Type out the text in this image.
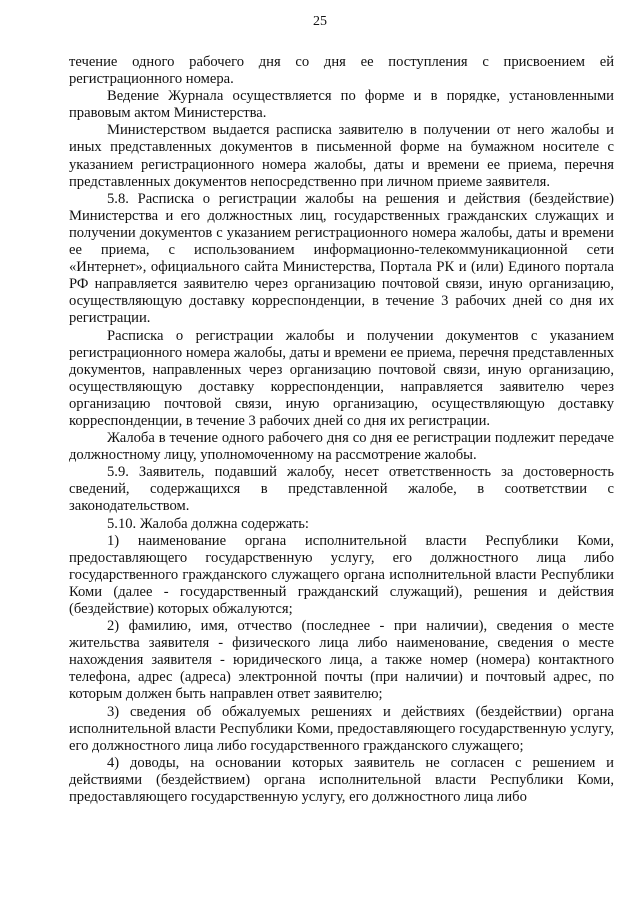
25

течение одного рабочего дня со дня ее поступления с присвоением ей регистрационного номера.

Ведение Журнала осуществляется по форме и в порядке, установленными правовым актом Министерства.

Министерством выдается расписка заявителю в получении от него жалобы и иных представленных документов в письменной форме на бумажном носителе с указанием регистрационного номера жалобы, даты и времени ее приема, перечня представленных документов непосредственно при личном приеме заявителя.

5.8. Расписка о регистрации жалобы на решения и действия (бездействие) Министерства и его должностных лиц, государственных гражданских служащих и получении документов с указанием регистрационного номера жалобы, даты и времени ее приема, с использованием информационно-телекоммуникационной сети «Интернет», официального сайта Министерства, Портала РК и (или) Единого портала РФ направляется заявителю через организацию почтовой связи, иную организацию, осуществляющую доставку корреспонденции, в течение 3 рабочих дней со дня их регистрации.

Расписка о регистрации жалобы и получении документов с указанием регистрационного номера жалобы, даты и времени ее приема, перечня представленных документов, направленных через организацию почтовой связи, иную организацию, осуществляющую доставку корреспонденции, направляется заявителю через организацию почтовой связи, иную организацию, осуществляющую доставку корреспонденции, в течение 3 рабочих дней со дня их регистрации.

Жалоба в течение одного рабочего дня со дня ее регистрации подлежит передаче должностному лицу, уполномоченному на рассмотрение жалобы.

5.9. Заявитель, подавший жалобу, несет ответственность за достоверность сведений, содержащихся в представленной жалобе, в соответствии с законодательством.

5.10. Жалоба должна содержать:

1) наименование органа исполнительной власти Республики Коми, предоставляющего государственную услугу, его должностного лица либо государственного гражданского служащего органа исполнительной власти Республики Коми (далее - государственный гражданский служащий), решения и действия (бездействие) которых обжалуются;

2) фамилию, имя, отчество (последнее - при наличии), сведения о месте жительства заявителя - физического лица либо наименование, сведения о месте нахождения заявителя - юридического лица, а также номер (номера) контактного телефона, адрес (адреса) электронной почты (при наличии) и почтовый адрес, по которым должен быть направлен ответ заявителю;

3) сведения об обжалуемых решениях и действиях (бездействии) органа исполнительной власти Республики Коми, предоставляющего государственную услугу, его должностного лица либо государственного гражданского служащего;

4) доводы, на основании которых заявитель не согласен с решением и действиями (бездействием) органа исполнительной власти Республики Коми, предоставляющего государственную услугу, его должностного лица либо
